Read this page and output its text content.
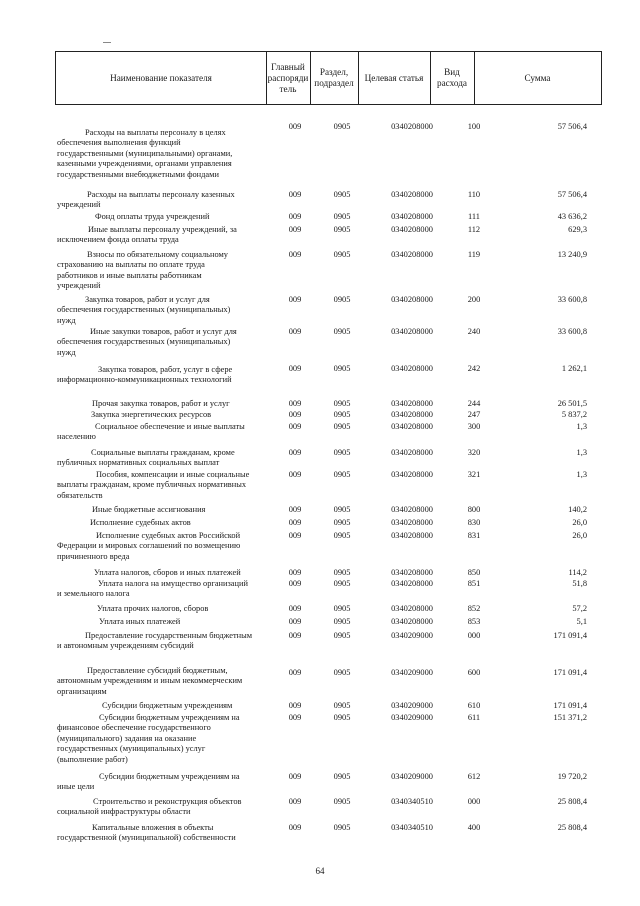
Наименование показателя
Главный
распоряди
тель
Раздел,
подраздел
Целевая статья
Вид
расхода
Сумма
Расходы на выплаты персоналу в целях
обеспечения выполнения функций
государственными (муниципальными) органами,
казенными учреждениями, органами управления
государственными внебюджетными фондами
009	0905	0340208000	100	57 506,4
Расходы на выплаты персоналу казенных
учреждений
009	0905	0340208000	110	57 506,4
Фонд оплаты труда учреждений	009	0905	0340208000	111	43 636,2
Иные выплаты персоналу учреждений, за
исключением фонда оплаты труда
009	0905	0340208000	112	629,3
Взносы по обязательному социальному
страхованию на выплаты по оплате труда
работников и иные выплаты работникам
учреждений
009	0905	0340208000	119	13 240,9
Закупка товаров, работ и услуг для
обеспечения государственных (муниципальных)
нужд
009	0905	0340208000	200	33 600,8
Иные закупки товаров, работ и услуг для
обеспечения государственных (муниципальных)
нужд
009	0905	0340208000	240	33 600,8
Закупка товаров, работ, услуг в сфере
информационно-коммуникационных технологий
009	0905	0340208000	242	1 262,1
Прочая закупка товаров, работ и услуг	009	0905	0340208000	244	26 501,5
Закупка энергетических ресурсов	009	0905	0340208000	247	5 837,2
Социальное обеспечение и иные выплаты
населению
009	0905	0340208000	300	1,3
Социальные выплаты гражданам, кроме
публичных нормативных социальных выплат
009	0905	0340208000	320	1,3
Пособия, компенсации и иные социальные
выплаты гражданам, кроме публичных нормативных
обязательств
009	0905	0340208000	321	1,3
Иные бюджетные ассигнования	009	0905	0340208000	800	140,2
Исполнение судебных актов	009	0905	0340208000	830	26,0
Исполнение судебных актов Российской
Федерации и мировых соглашений по возмещению
причиненного вреда
009	0905	0340208000	831	26,0
Уплата налогов, сборов и иных платежей	009	0905	0340208000	850	114,2
Уплата налога на имущество организаций
и земельного налога
009	0905	0340208000	851	51,8
Уплата прочих налогов, сборов	009	0905	0340208000	852	57,2
Уплата иных платежей	009	0905	0340208000	853	5,1
Предоставление государственным бюджетным
и автономным учреждениям субсидий
009	0905	0340209000	000	171 091,4
Предоставление субсидий бюджетным,
автономным учреждениям и иным некоммерческим
организациям
009	0905	0340209000	600	171 091,4
Субсидии бюджетным учреждениям	009	0905	0340209000	610	171 091,4
Субсидии бюджетным учреждениям на
финансовое обеспечение государственного
(муниципального) задания на оказание
государственных (муниципальных) услуг
(выполнение работ)
009	0905	0340209000	611	151 371,2
Субсидии бюджетным учреждениям на
иные цели
009	0905	0340209000	612	19 720,2
Строительство и реконструкция объектов
социальной инфраструктуры области
009	0905	0340340510	000	25 808,4
Капитальные вложения в объекты
государственной (муниципальной) собственности
009	0905	0340340510	400	25 808,4
64
